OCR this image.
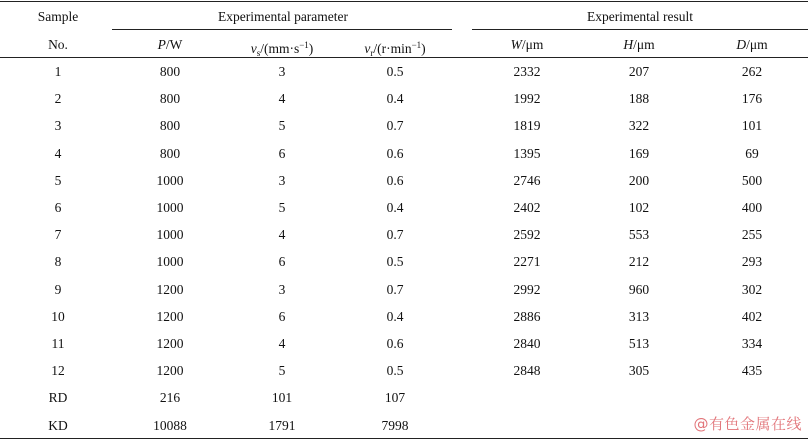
Sample	Experimental parameter	Experimental result
No.	P/W	$v_s/(mm\cdot s^{-1})$	$v_r/(r\cdot\min^{-1})$	W/μm	H/μm	D/μm
1	800	3	0.5	2332	207	262
2	800	4	0.4	1992	188	176
3	800	5	0.7	1819	322	101
4	800	6	0.6	1395	169	69
5	1000	3	0.6	2746	200	500
6	1000	5	0.4	2402	102	400
7	1000	4	0.7	2592	553	255
8	1000	6	0.5	2271	212	293
9	1200	3	0.7	2992	960	302
10	1200	6	0.4	2886	313	402
11	1200	4	0.6	2840	513	334
12	1200	5	0.5	2848	305	435
RD	216	101	107
KD	10088	1791	7998	@有色金属在线
